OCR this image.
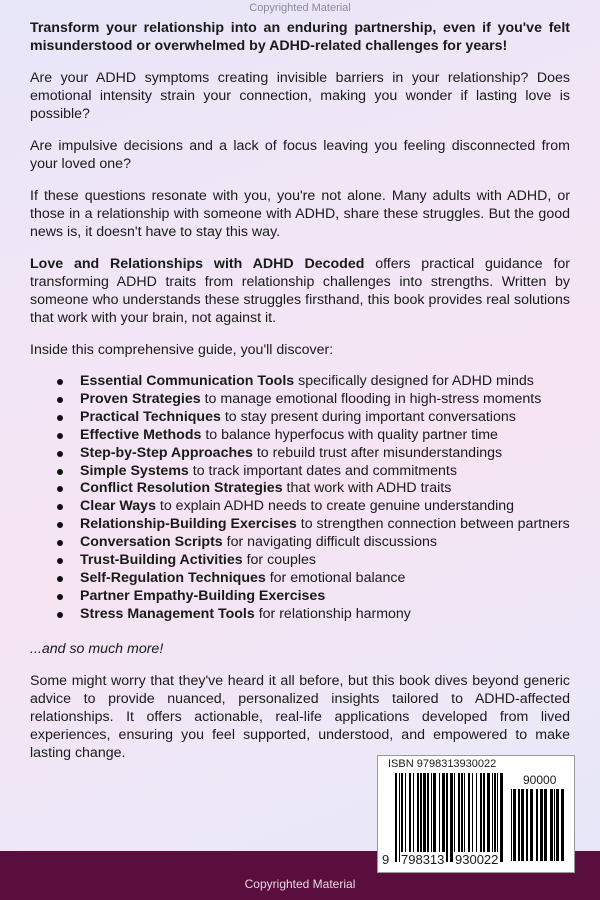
Copyrighted Material

Transform your relationship into an enduring partnership, even if you've felt misunderstood or overwhelmed by ADHD-related challenges for years!

Are your ADHD symptoms creating invisible barriers in your relationship? Does emotional intensity strain your connection, making you wonder if lasting love is possible?

Are impulsive decisions and a lack of focus leaving you feeling disconnected from your loved one?

If these questions resonate with you, you're not alone. Many adults with ADHD, or those in a relationship with someone with ADHD, share these struggles. But the good news is, it doesn't have to stay this way.

Love and Relationships with ADHD Decoded offers practical guidance for transforming ADHD traits from relationship challenges into strengths. Written by someone who understands these struggles firsthand, this book provides real solutions that work with your brain, not against it.

Inside this comprehensive guide, you'll discover:

Essential Communication Tools specifically designed for ADHD minds
Proven Strategies to manage emotional flooding in high-stress moments
Practical Techniques to stay present during important conversations
Effective Methods to balance hyperfocus with quality partner time
Step-by-Step Approaches to rebuild trust after misunderstandings
Simple Systems to track important dates and commitments
Conflict Resolution Strategies that work with ADHD traits
Clear Ways to explain ADHD needs to create genuine understanding
Relationship-Building Exercises to strengthen connection between partners
Conversation Scripts for navigating difficult discussions
Trust-Building Activities for couples
Self-Regulation Techniques for emotional balance
Partner Empathy-Building Exercises
Stress Management Tools for relationship harmony

...and so much more!

Some might worry that they've heard it all before, but this book dives beyond generic advice to provide nuanced, personalized insights tailored to ADHD-affected relationships. It offers actionable, real-life applications developed from lived experiences, ensuring you feel supported, understood, and empowered to make lasting change.

Copyrighted Material
ISBN 9798313930022
90000
9 798313 930022
